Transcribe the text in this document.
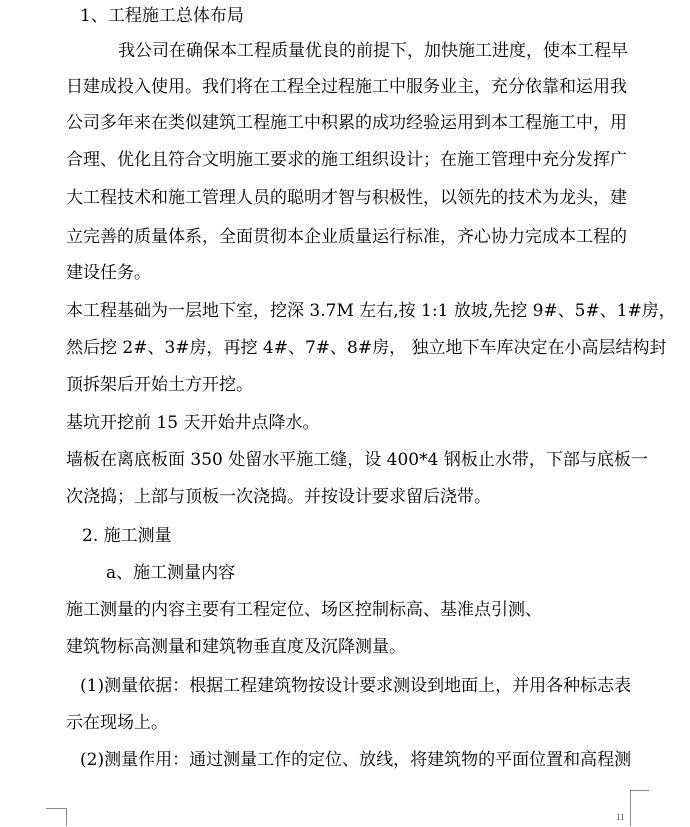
1、工程施工总体布局
我公司在确保本工程质量优良的前提下，加快施工进度，使本工程早
日建成投入使用。我们将在工程全过程施工中服务业主，充分依靠和运用我
公司多年来在类似建筑工程施工中积累的成功经验运用到本工程施工中，用
合理、优化且符合文明施工要求的施工组织设计；在施工管理中充分发挥广
大工程技术和施工管理人员的聪明才智与积极性，以领先的技术为龙头，建
立完善的质量体系，全面贯彻本企业质量运行标准，齐心协力完成本工程的
建设任务。
本工程基础为一层地下室，挖深 3.7M 左右,按 1:1 放坡,先挖 9#、5#、1#房，
然后挖 2#、3#房，再挖 4#、7#、8#房， 独立地下车库决定在小高层结构封
顶拆架后开始土方开挖。
基坑开挖前 15 天开始井点降水。
墙板在离底板面 350 处留水平施工缝，设 400*4 钢板止水带，下部与底板一
次浇捣；上部与顶板一次浇捣。并按设计要求留后浇带。
2. 施工测量
a、施工测量内容
施工测量的内容主要有工程定位、场区控制标高、基准点引测、
建筑物标高测量和建筑物垂直度及沉降测量。
(1)测量依据：根据工程建筑物按设计要求测设到地面上，并用各种标志表
示在现场上。
(2)测量作用：通过测量工作的定位、放线，将建筑物的平面位置和高程测
11
